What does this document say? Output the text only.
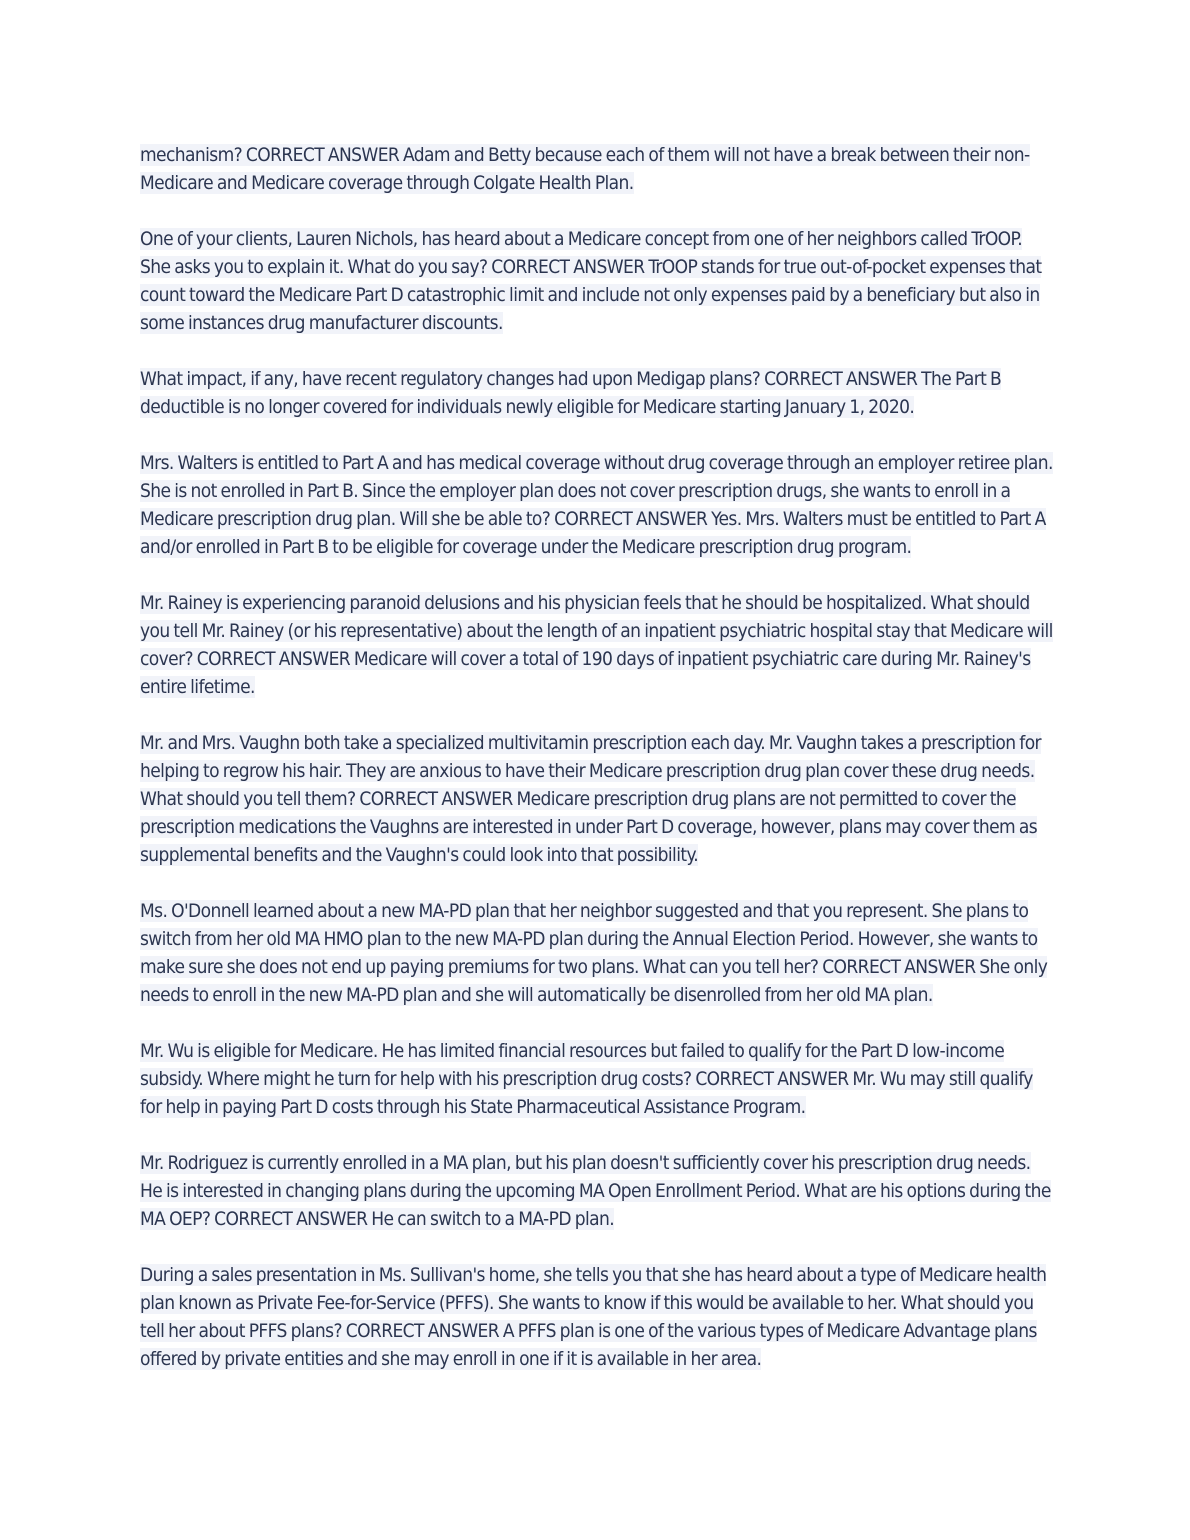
mechanism? CORRECT ANSWER Adam and Betty because each of them will not have a break between their non-Medicare and Medicare coverage through Colgate Health Plan.

One of your clients, Lauren Nichols, has heard about a Medicare concept from one of her neighbors called TrOOP. She asks you to explain it. What do you say? CORRECT ANSWER TrOOP stands for true out-of-pocket expenses that count toward the Medicare Part D catastrophic limit and include not only expenses paid by a beneficiary but also in some instances drug manufacturer discounts.

What impact, if any, have recent regulatory changes had upon Medigap plans? CORRECT ANSWER The Part B deductible is no longer covered for individuals newly eligible for Medicare starting January 1, 2020.

Mrs. Walters is entitled to Part A and has medical coverage without drug coverage through an employer retiree plan. She is not enrolled in Part B. Since the employer plan does not cover prescription drugs, she wants to enroll in a Medicare prescription drug plan. Will she be able to? CORRECT ANSWER Yes. Mrs. Walters must be entitled to Part A and/or enrolled in Part B to be eligible for coverage under the Medicare prescription drug program.

Mr. Rainey is experiencing paranoid delusions and his physician feels that he should be hospitalized. What should you tell Mr. Rainey (or his representative) about the length of an inpatient psychiatric hospital stay that Medicare will cover? CORRECT ANSWER Medicare will cover a total of 190 days of inpatient psychiatric care during Mr. Rainey's entire lifetime.

Mr. and Mrs. Vaughn both take a specialized multivitamin prescription each day. Mr. Vaughn takes a prescription for helping to regrow his hair. They are anxious to have their Medicare prescription drug plan cover these drug needs. What should you tell them? CORRECT ANSWER Medicare prescription drug plans are not permitted to cover the prescription medications the Vaughns are interested in under Part D coverage, however, plans may cover them as supplemental benefits and the Vaughn's could look into that possibility.

Ms. O'Donnell learned about a new MA-PD plan that her neighbor suggested and that you represent. She plans to switch from her old MA HMO plan to the new MA-PD plan during the Annual Election Period. However, she wants to make sure she does not end up paying premiums for two plans. What can you tell her? CORRECT ANSWER She only needs to enroll in the new MA-PD plan and she will automatically be disenrolled from her old MA plan.

Mr. Wu is eligible for Medicare. He has limited financial resources but failed to qualify for the Part D low-income subsidy. Where might he turn for help with his prescription drug costs? CORRECT ANSWER Mr. Wu may still qualify for help in paying Part D costs through his State Pharmaceutical Assistance Program.

Mr. Rodriguez is currently enrolled in a MA plan, but his plan doesn't sufficiently cover his prescription drug needs. He is interested in changing plans during the upcoming MA Open Enrollment Period. What are his options during the MA OEP? CORRECT ANSWER He can switch to a MA-PD plan.

During a sales presentation in Ms. Sullivan's home, she tells you that she has heard about a type of Medicare health plan known as Private Fee-for-Service (PFFS). She wants to know if this would be available to her. What should you tell her about PFFS plans? CORRECT ANSWER A PFFS plan is one of the various types of Medicare Advantage plans offered by private entities and she may enroll in one if it is available in her area.
